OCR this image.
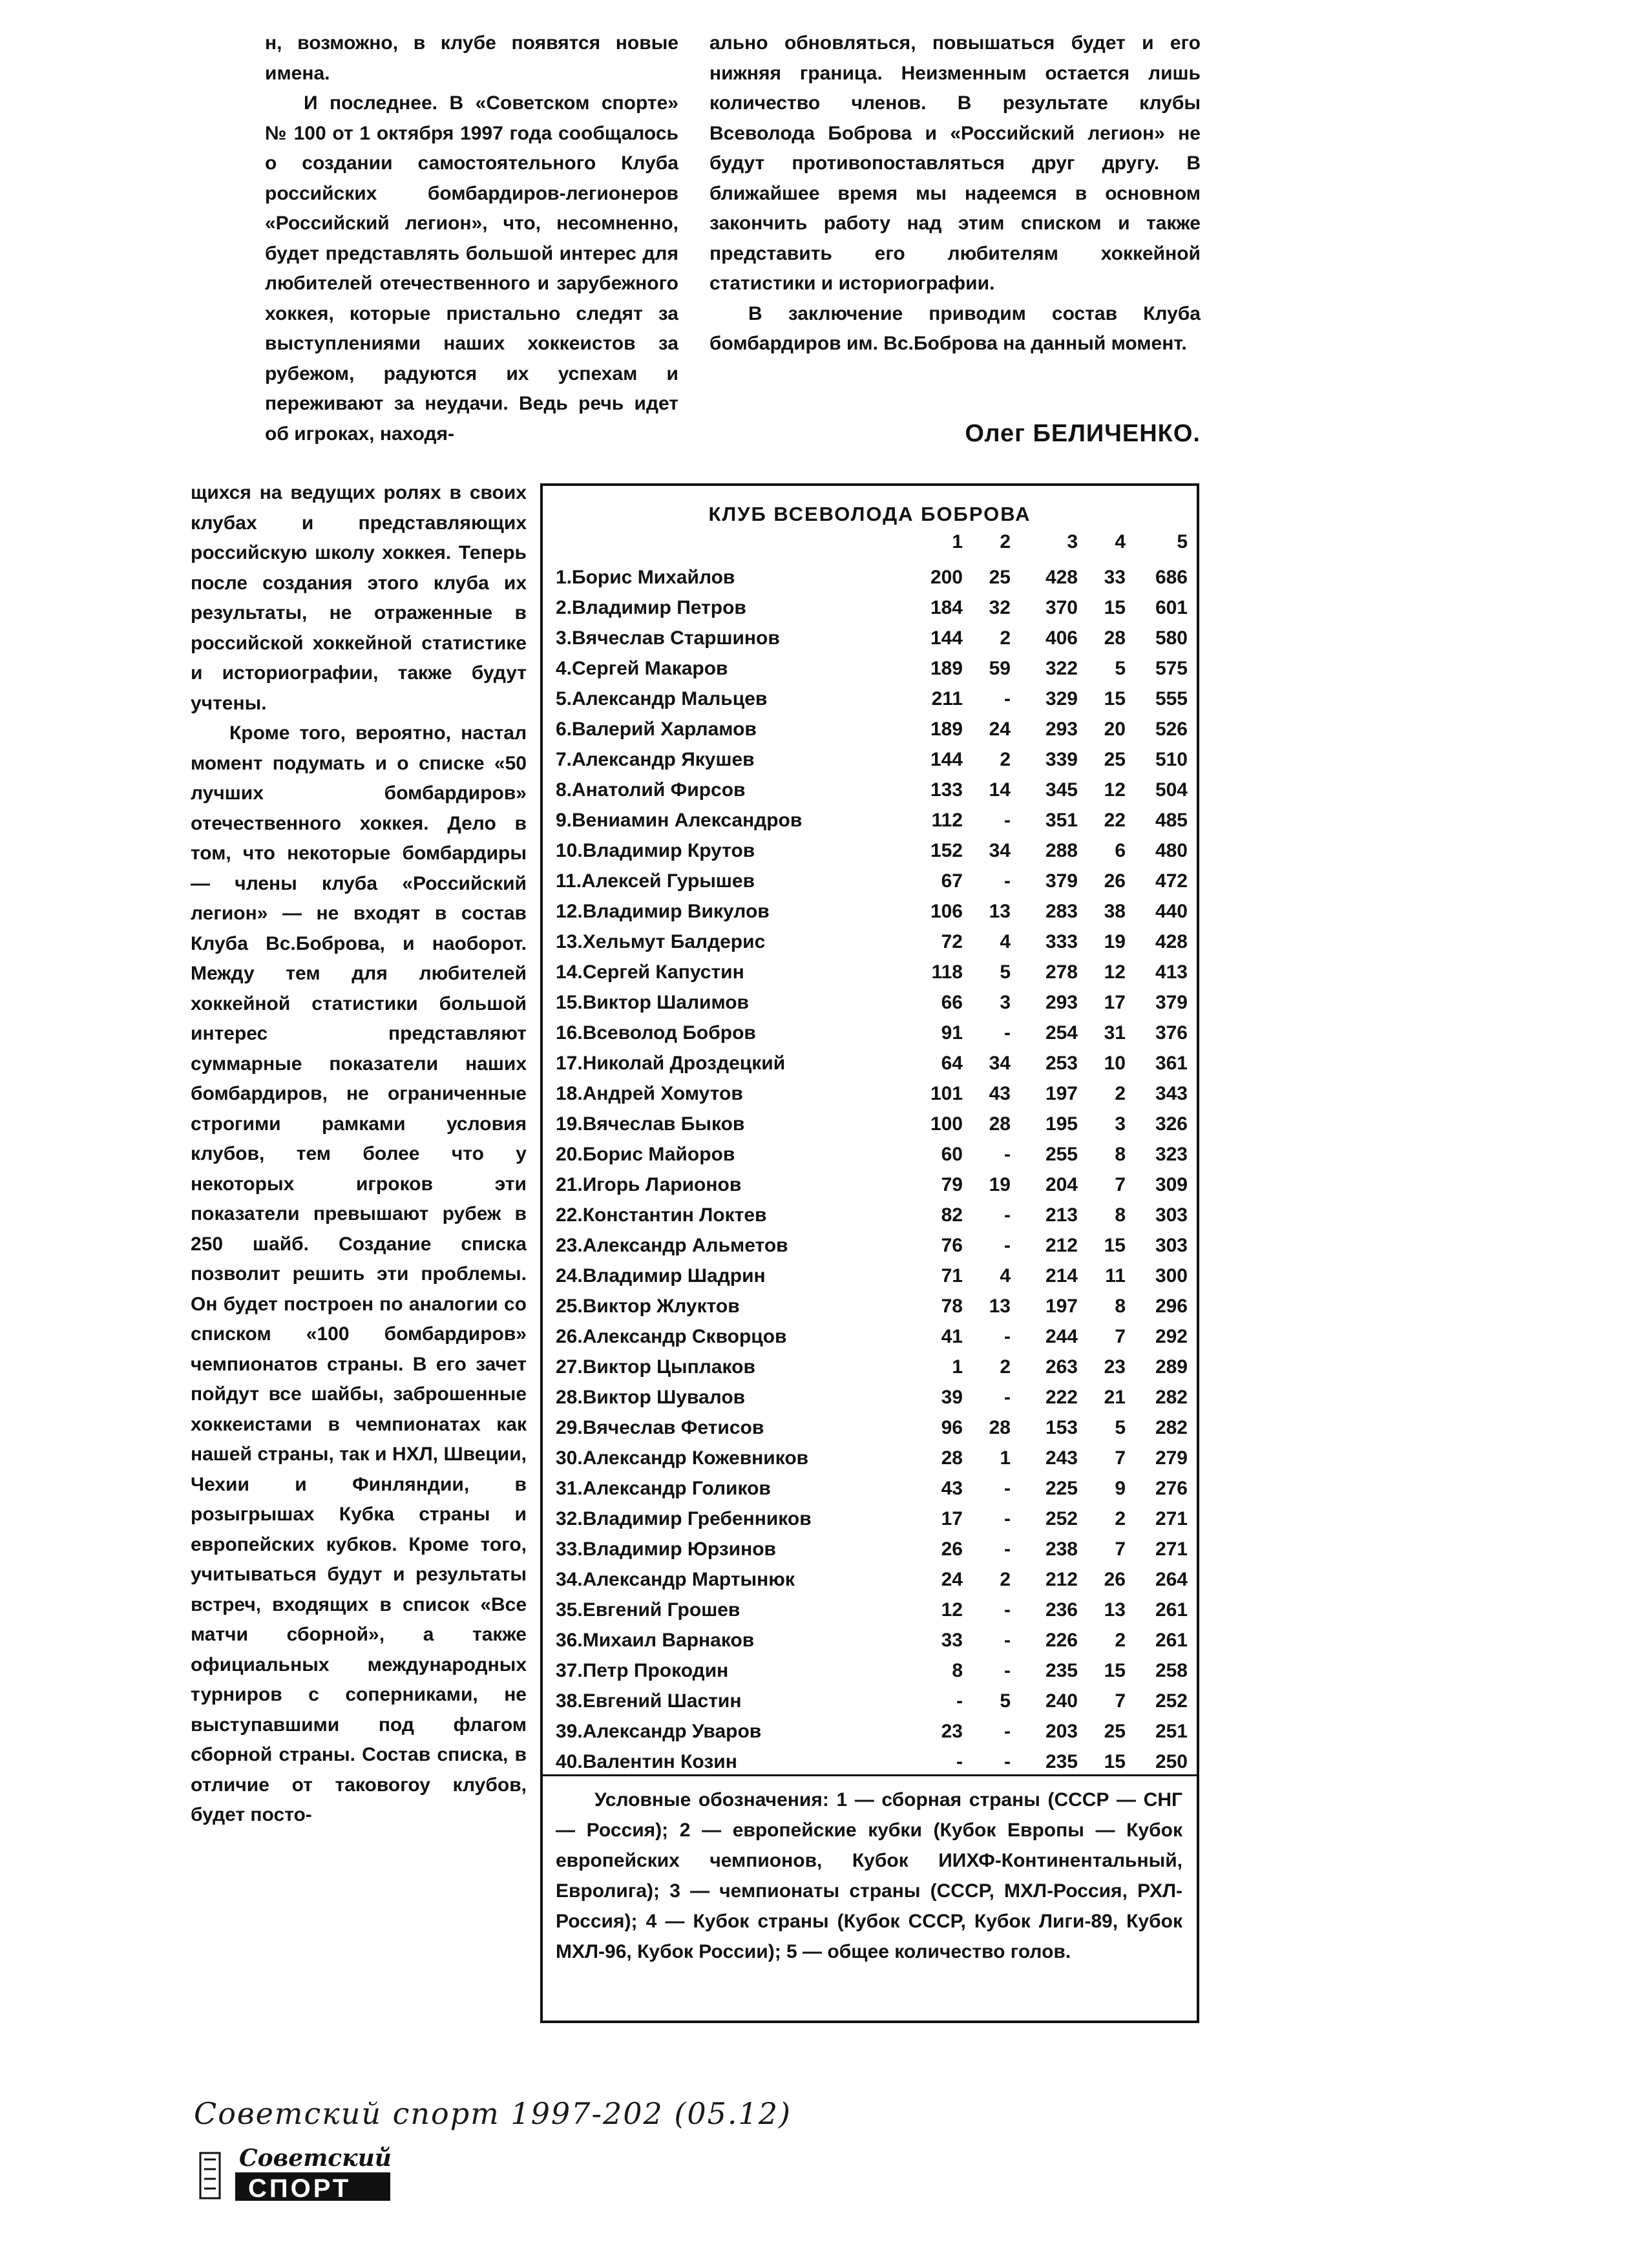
н, возможно, в клубе появятся новые имена.

И последнее. В «Советском спорте» № 100 от 1 октября 1997 года сообщалось о создании самостоятельного Клуба российских бомбардиров-легионеров «Российский легион», что, несомненно, будет представлять большой интерес для любителей отечественного и зарубежного хоккея, которые пристально следят за выступлениями наших хоккеистов за рубежом, радуются их успехам и переживают за неудачи. Ведь речь идет об игроках, находя-

ально обновляться, повышаться будет и его нижняя граница. Неизменным остается лишь количество членов. В результате клубы Всеволода Боброва и «Российский легион» не будут противопоставляться друг другу. В ближайшее время мы надеемся в основном закончить работу над этим списком и также представить его любителям хоккейной статистики и историографии.

В заключение приводим состав Клуба бомбардиров им. Вс.Боброва на данный момент.

Олег БЕЛИЧЕНКО.

щихся на ведущих ролях в своих клубах и представляющих российскую школу хоккея. Теперь после создания этого клуба их результаты, не отраженные в российской хоккейной статистике и историографии, также будут учтены.

Кроме того, вероятно, настал момент подумать и о списке «50 лучших бомбардиров» отечественного хоккея. Дело в том, что некоторые бомбардиры — члены клуба «Российский легион» — не входят в состав Клуба Вс.Боброва, и наоборот. Между тем для любителей хоккейной статистики большой интерес представляют суммарные показатели наших бомбардиров, не ограниченные строгими рамками условия клубов, тем более что у некоторых игроков эти показатели превышают рубеж в 250 шайб. Создание списка позволит решить эти проблемы. Он будет построен по аналогии со списком «100 бомбардиров» чемпионатов страны. В его зачет пойдут все шайбы, заброшенные хоккеистами в чемпионатах как нашей страны, так и НХЛ, Швеции, Чехии и Финляндии, в розыгрышах Кубка страны и европейских кубков. Кроме того, учитываться будут и результаты встреч, входящих в список «Все матчи сборной», а также официальных международных турниров с соперниками, не выступавшими под флагом сборной страны. Состав списка, в отличие от таковогоу клубов, будет посто-

КЛУБ ВСЕВОЛОДА БОБРОВА
1	2	3	4	5
1.Борис Михайлов	200	25	428	33	686
2.Владимир Петров	184	32	370	15	601
3.Вячеслав Старшинов	144	2	406	28	580
4.Сергей Макаров	189	59	322	5	575
5.Александр Мальцев	211	-	329	15	555
6.Валерий Харламов	189	24	293	20	526
7.Александр Якушев	144	2	339	25	510
8.Анатолий Фирсов	133	14	345	12	504
9.Вениамин Александров	112	-	351	22	485
10.Владимир Крутов	152	34	288	6	480
11.Алексей Гурышев	67	-	379	26	472
12.Владимир Викулов	106	13	283	38	440
13.Хельмут Балдерис	72	4	333	19	428
14.Сергей Капустин	118	5	278	12	413
15.Виктор Шалимов	66	3	293	17	379
16.Всеволод Бобров	91	-	254	31	376
17.Николай Дроздецкий	64	34	253	10	361
18.Андрей Хомутов	101	43	197	2	343
19.Вячеслав Быков	100	28	195	3	326
20.Борис Майоров	60	-	255	8	323
21.Игорь Ларионов	79	19	204	7	309
22.Константин Локтев	82	-	213	8	303
23.Александр Альметов	76	-	212	15	303
24.Владимир Шадрин	71	4	214	11	300
25.Виктор Жлуктов	78	13	197	8	296
26.Александр Скворцов	41	-	244	7	292
27.Виктор Цыплаков	1	2	263	23	289
28.Виктор Шувалов	39	-	222	21	282
29.Вячеслав Фетисов	96	28	153	5	282
30.Александр Кожевников	28	1	243	7	279
31.Александр Голиков	43	-	225	9	276
32.Владимир Гребенников	17	-	252	2	271
33.Владимир Юрзинов	26	-	238	7	271
34.Александр Мартынюк	24	2	212	26	264
35.Евгений Грошев	12	-	236	13	261
36.Михаил Варнаков	33	-	226	2	261
37.Петр Прокодин	8	-	235	15	258
38.Евгений Шастин	-	5	240	7	252
39.Александр Уваров	23	-	203	25	251
40.Валентин Козин	-	-	235	15	250

Условные обозначения: 1 — сборная страны (СССР — СНГ — Россия); 2 — европейские кубки (Кубок Европы — Кубок европейских чемпионов, Кубок ИИХФ-Континентальный, Евролига); 3 — чемпионаты страны (СССР, МХЛ-Россия, РХЛ-Россия); 4 — Кубок страны (Кубок СССР, Кубок Лиги-89, Кубок МХЛ-96, Кубок России); 5 — общее количество голов.

Советский спорт 1997-202 (05.12)
Советский
СПОРТ
